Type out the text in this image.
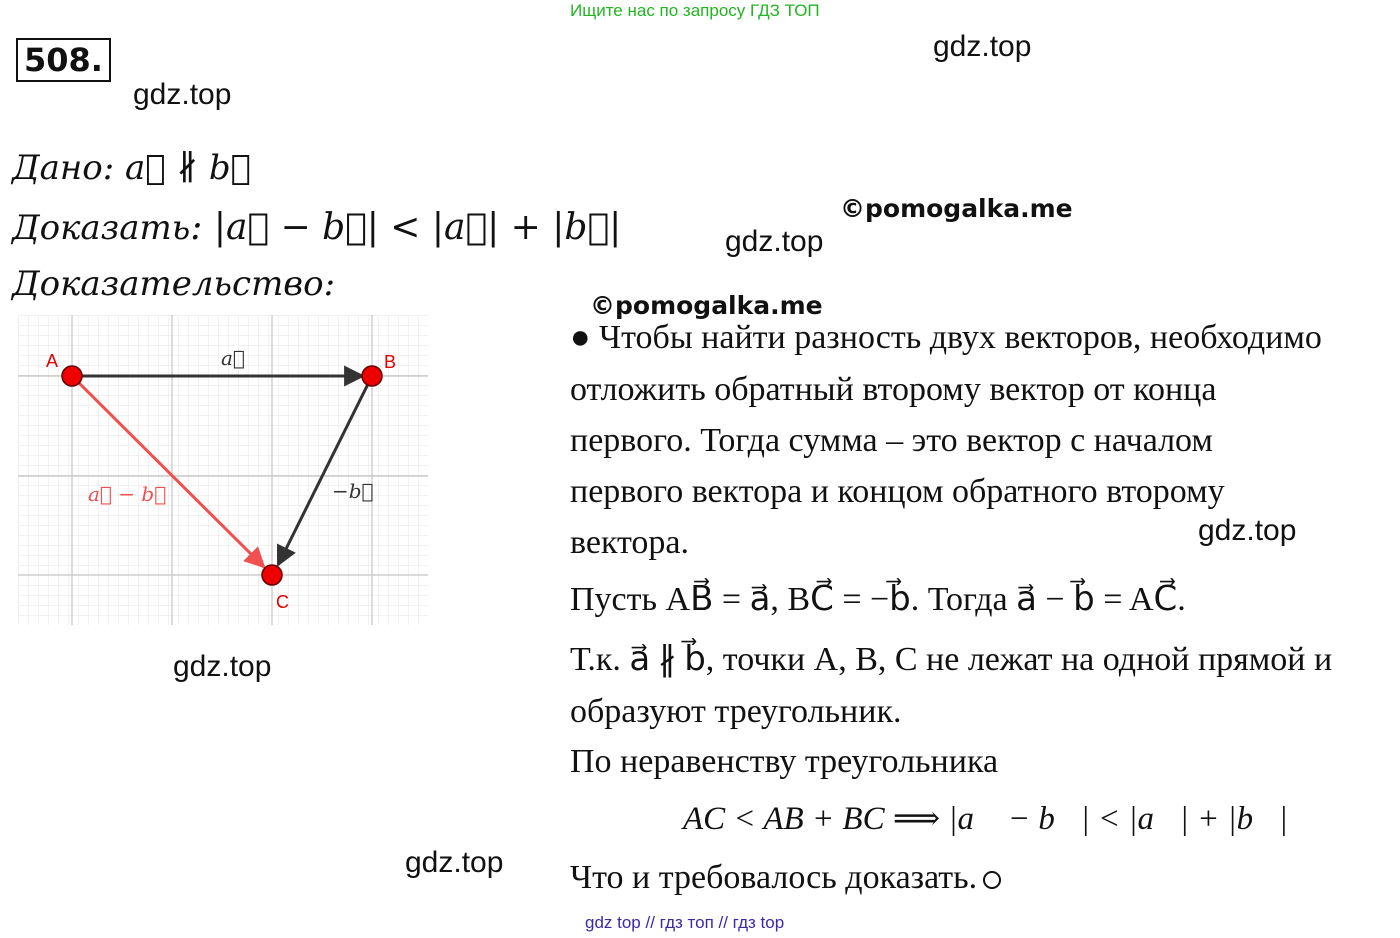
Ищите нас по запросу ГДЗ ТОП
508.	gdz.top
gdz.top
gdz.top
gdz.top
gdz.top
gdz.top
©pomogalka.me
©pomogalka.me
Дано: a⃗ ∦ b⃗
Доказать: |a⃗ − b⃗| < |a⃗| + |b⃗|
Доказательство:
A	B
C
a⃗
a⃗ − b⃗	−b⃗
● Чтобы найти разность двух векторов, необходимо
отложить обратный второму вектор от конца
первого. Тогда сумма – это вектор с началом
первого вектора и концом обратного второму
вектора.
Пусть AB⃗ = a⃗, BC⃗ = −b⃗. Тогда a⃗ − b⃗ = AC⃗.
Т.к. a⃗ ∦ b⃗, точки A, B, C не лежат на одной прямой и
образуют треугольник.
По неравенству треугольника
AC < AB + BC ⟹ |a⃗ − b⃗| < |a⃗| + |b⃗|
Что и требовалось доказать.
gdz top // гдз топ // гдз top
